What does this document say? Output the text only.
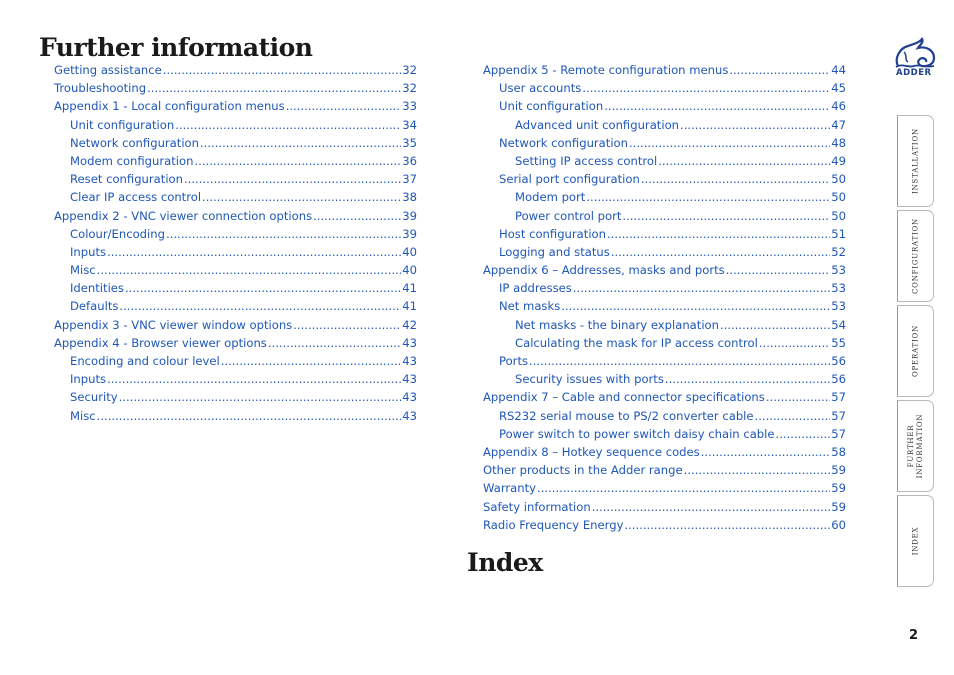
Further information
Getting assistance .....	32
Troubleshooting .....	32
Appendix 1 - Local configuration menus .....	33
Unit configuration .....	34
Network configuration .....	35
Modem configuration .....	36
Reset configuration .....	37
Clear IP access control .....	38
Appendix 2 - VNC viewer connection options .....	39
Colour/Encoding .....	39
Inputs .....	40
Misc .....	40
Identities .....	41
Defaults .....	41
Appendix 3 - VNC viewer window options .....	42
Appendix 4 - Browser viewer options .....	43
Encoding and colour level .....	43
Inputs .....	43
Security .....	43
Misc .....	43
Appendix 5 - Remote configuration menus .....	44
User accounts .....	45
Unit configuration .....	46
Advanced unit configuration .....	47
Network configuration .....	48
Setting IP access control .....	49
Serial port configuration .....	50
Modem port .....	50
Power control port .....	50
Host configuration .....	51
Logging and status .....	52
Appendix 6 – Addresses, masks and ports .....	53
IP addresses .....	53
Net masks .....	53
Net masks - the binary explanation .....	54
Calculating the mask for IP access control .....	55
Ports .....	56
Security issues with ports .....	56
Appendix 7 – Cable and connector specifications .....	57
RS232 serial mouse to PS/2 converter cable .....	57
Power switch to power switch daisy chain cable .....	57
Appendix 8 – Hotkey sequence codes .....	58
Other products in the Adder range .....	59
Warranty .....	59
Safety information .....	59
Radio Frequency Energy .....	60
Index
ADDER
INSTALLATION
CONFIGURATION
OPERATION
FURTHER
INFORMATION
INDEX
2
